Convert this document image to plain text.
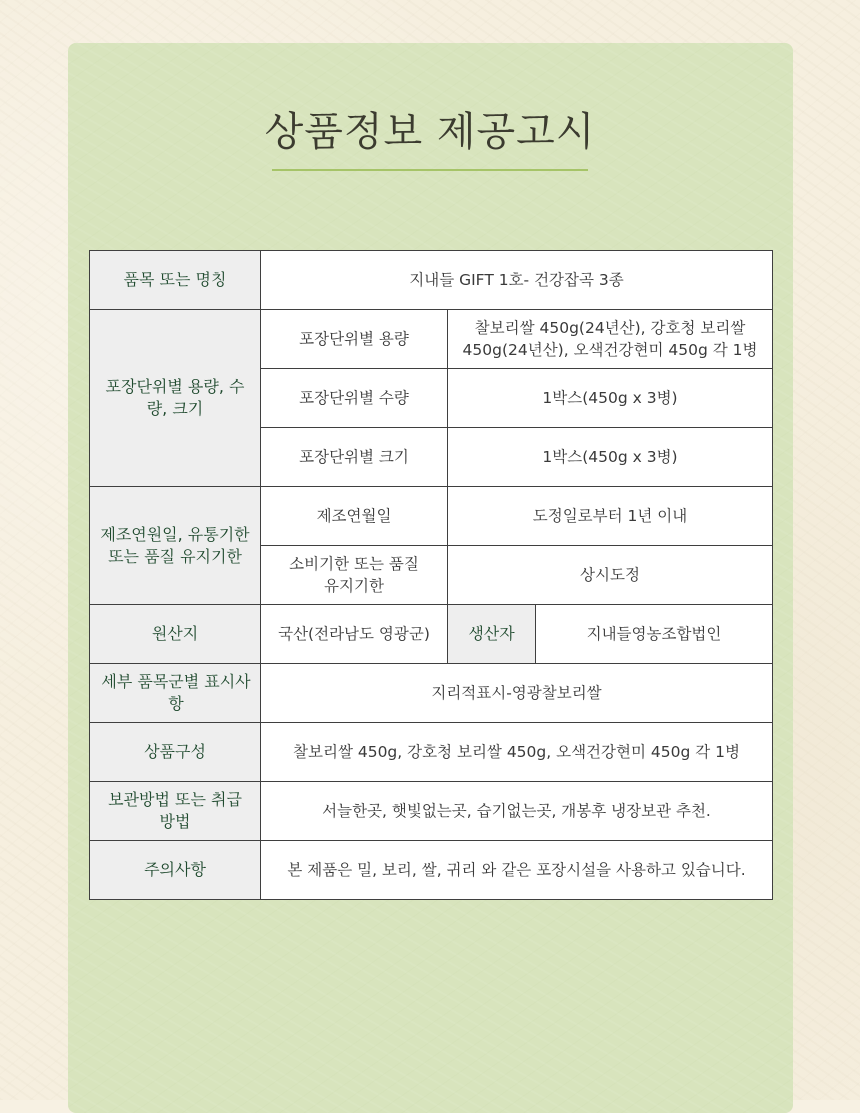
상품정보 제공고시
품목 또는 명칭	지내들 GIFT 1호- 건강잡곡 3종		
포장단위별 용량, 수량, 크기	포장단위별 용량	찰보리쌀 450g(24년산), 강호청 보리쌀 450g(24년산), 오색건강현미 450g 각 1병	
	포장단위별 수량	1박스(450g x 3병)	
	포장단위별 크기	1박스(450g x 3병)	
제조연원일, 유통기한 또는 품질 유지기한	제조연월일	도정일로부터 1년 이내	
	소비기한 또는 품질유지기한	상시도정	
원산지	국산(전라남도 영광군)	생산자	지내들영농조합법인
세부 품목군별 표시사항	지리적표시-영광찰보리쌀		
상품구성	찰보리쌀 450g, 강호청 보리쌀 450g, 오색건강현미 450g 각 1병		
보관방법 또는 취급방법	서늘한곳, 햇빛없는곳, 습기없는곳, 개봉후 냉장보관 추천.		
주의사항	본 제품은 밀, 보리, 쌀, 귀리 와 같은 포장시설을 사용하고 있습니다.		
